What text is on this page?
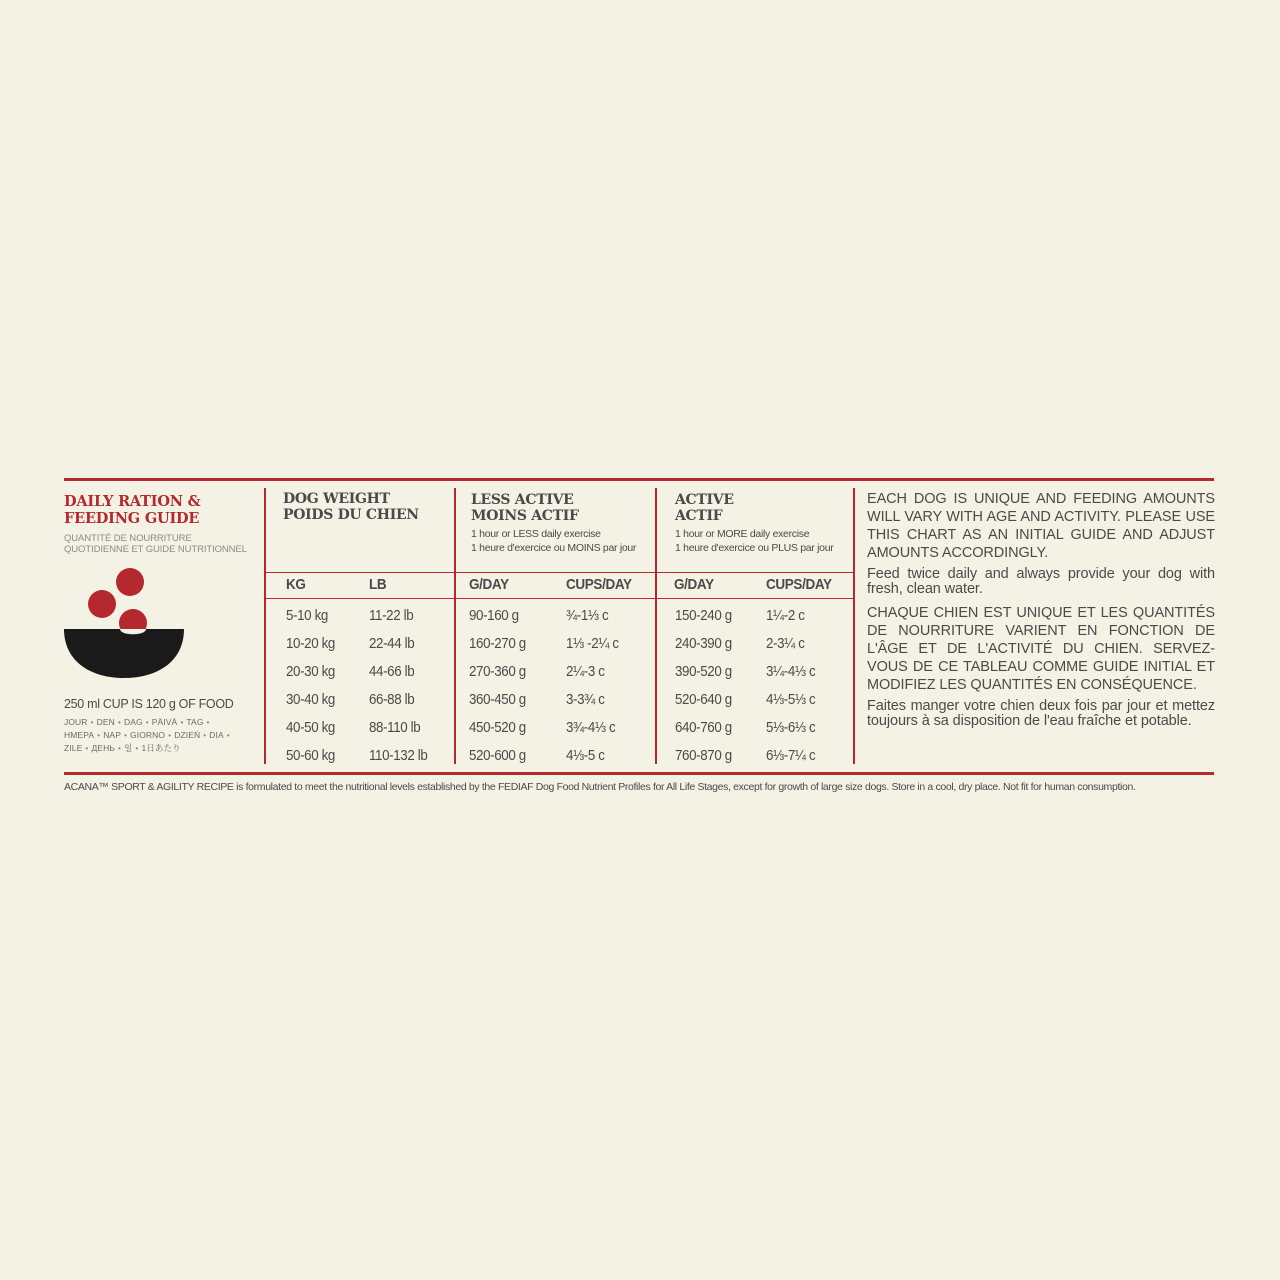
DAILY RATION &
FEEDING GUIDE
QUANTITÉ DE NOURRITURE
QUOTIDIENNE ET GUIDE NUTRITIONNEL
250 ml CUP IS 120 g OF FOOD
JOUR • DEN • DAG • PÄIVÄ • TAG •
HMEPA • NAP • GIORNO • DZIEŃ • DIA •
ZILE • ДЕНЬ • 일 • 1日あたり
DOG WEIGHT
POIDS DU CHIEN
LESS ACTIVE
MOINS ACTIF
1 hour or LESS daily exercise
1 heure d'exercice ou MOINS par jour
ACTIVE
ACTIF
1 hour or MORE daily exercise
1 heure d'exercice ou PLUS par jour
KG	LB	G/DAY	CUPS/DAY	G/DAY	CUPS/DAY
5-10 kg	11-22 lb	90-160 g	¾-1⅓ c	150-240 g 1¼-2 c
10-20 kg 22-44 lb	160-270 g	1⅓ -2¼ c	240-390 g 2-3¼ c
20-30 kg 44-66 lb	270-360 g	2¼-3 c	390-520 g 3¼-4⅓ c
30-40 kg 66-88 lb	360-450 g	3-3¾ c	520-640 g 4⅓-5⅓ c
40-50 kg 88-110 lb	450-520 g	3¾-4⅓ c	640-760 g 5⅓-6⅓ c
50-60 kg 110-132 lb	520-600 g	4⅓-5 c	760-870 g 6⅓-7¼ c
EACH DOG IS UNIQUE AND FEEDING AMOUNTS WILL VARY WITH AGE AND ACTIVITY. PLEASE USE THIS CHART AS AN INITIAL GUIDE AND ADJUST AMOUNTS ACCORDINGLY.
Feed twice daily and always provide your dog with fresh, clean water.
CHAQUE CHIEN EST UNIQUE ET LES QUANTITÉS DE NOURRITURE VARIENT EN FONCTION DE L'ÂGE ET DE L'ACTIVITÉ DU CHIEN. SERVEZ-VOUS DE CE TABLEAU COMME GUIDE INITIAL ET MODIFIEZ LES QUANTITÉS EN CONSÉQUENCE.
Faites manger votre chien deux fois par jour et mettez toujours à sa disposition de l'eau fraîche et potable.
ACANA™ SPORT & AGILITY RECIPE is formulated to meet the nutritional levels established by the FEDIAF Dog Food Nutrient Profiles for All Life Stages, except for growth of large size dogs. Store in a cool, dry place. Not fit for human consumption.
